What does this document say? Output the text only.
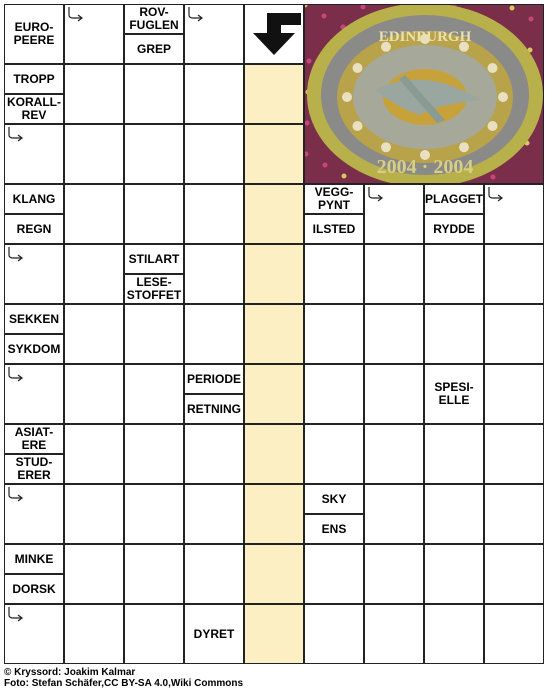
EURO-
PEERE
ROV-
FUGLEN
GREP
TROPP
KORALL-
REV
KLANG
REGN
VEGG-
PYNT
ILSTED
PLAGGET
RYDDE
STILART
LESE-
STOFFET
SEKKEN
SYKDOM
PERIODE
RETNING
SPESI-
ELLE
ASIAT-
ERE
STUD-
ERER
SKY
ENS
MINKE
DORSK
DYRET
EDINBURGH
2004 · 2004
© Kryssord: Joakim Kalmar
Foto: Stefan Schäfer,CC BY-SA 4.0,Wiki Commons
